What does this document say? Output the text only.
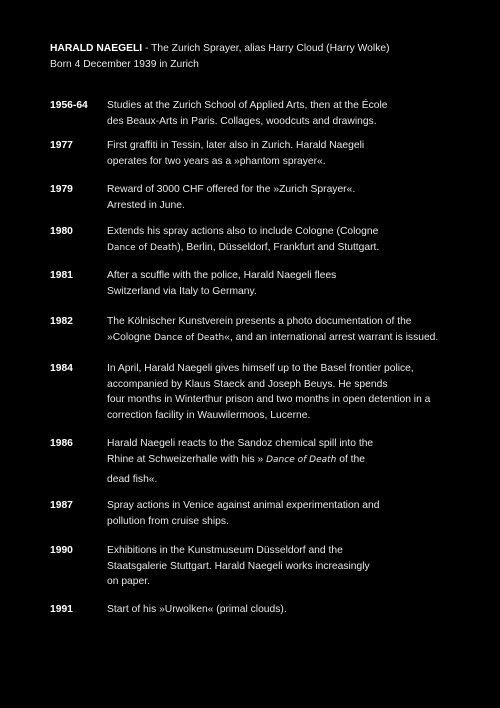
HARALD NAEGELI - The Zurich Sprayer, alias Harry Cloud (Harry Wolke)
Born 4 December 1939 in Zurich
1956-64 Studies at the Zurich School of Applied Arts, then at the École
des Beaux-Arts in Paris. Collages, woodcuts and drawings.
1977	First graffiti in Tessin, later also in Zurich. Harald Naegeli
operates for two years as a »phantom sprayer«.
1979	Reward of 3000 CHF offered for the »Zurich Sprayer«.
Arrested in June.
1980	Extends his spray actions also to include Cologne (Cologne
Dance of Death), Berlin, Düsseldorf, Frankfurt and Stuttgart.
1981	After a scuffle with the police, Harald Naegeli flees
Switzerland via Italy to Germany.
1982	The Kölnischer Kunstverein presents a photo documentation of the
»Cologne Dance of Death«, and an international arrest warrant is issued.
1984	In April, Harald Naegeli gives himself up to the Basel frontier police,
accompanied by Klaus Staeck and Joseph Beuys. He spends
four months in Winterthur prison and two months in open detention in a
correction facility in Wauwilermoos, Lucerne.
1986	Harald Naegeli reacts to the Sandoz chemical spill into the
Rhine at Schweizerhalle with his » Dance of Death of the
dead fish«.
1987	Spray actions in Venice against animal experimentation and
pollution from cruise ships.
1990	Exhibitions in the Kunstmuseum Düsseldorf and the
Staatsgalerie Stuttgart. Harald Naegeli works increasingly
on paper.
1991	Start of his »Urwolken« (primal clouds).
